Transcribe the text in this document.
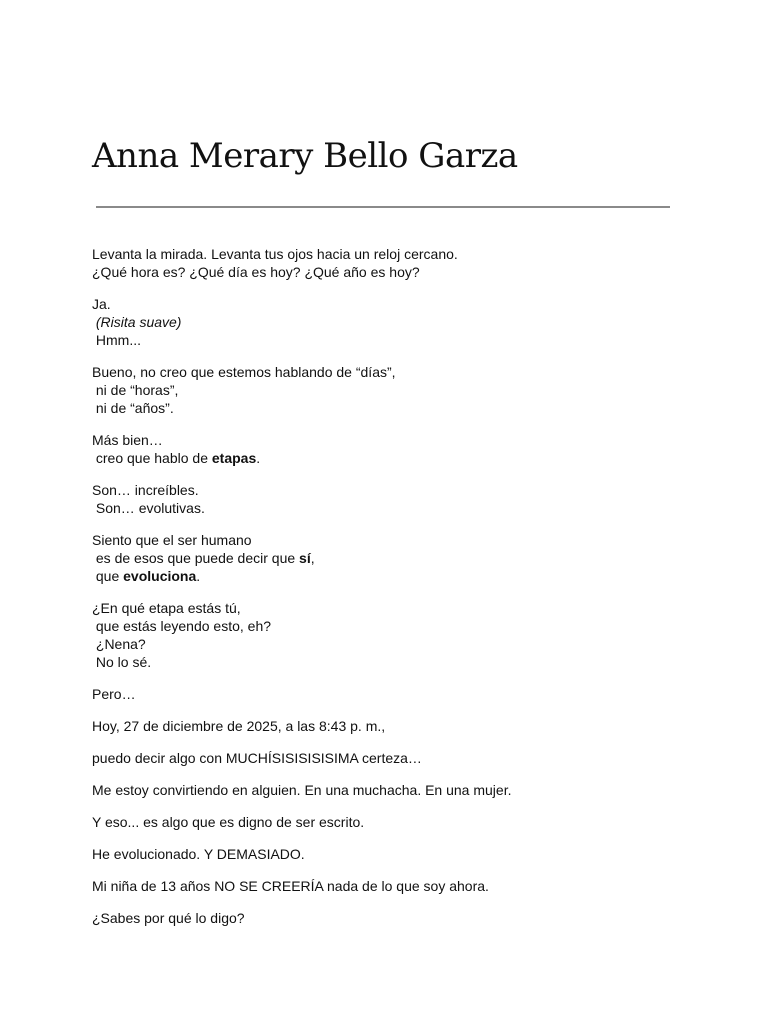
Anna Merary Bello Garza

Levanta la mirada. Levanta tus ojos hacia un reloj cercano.
¿Qué hora es? ¿Qué día es hoy? ¿Qué año es hoy?

Ja.
(Risita suave)
Hmm...

Bueno, no creo que estemos hablando de “días”,
ni de “horas”,
ni de “años”.

Más bien…
creo que hablo de etapas.

Son… increíbles.
Son… evolutivas.

Siento que el ser humano
es de esos que puede decir que sí,
que evoluciona.

¿En qué etapa estás tú,
que estás leyendo esto, eh?
¿Nena?
No lo sé.

Pero…

Hoy, 27 de diciembre de 2025, a las 8:43 p. m.,

puedo decir algo con MUCHÍSISISISISIMA certeza…

Me estoy convirtiendo en alguien. En una muchacha. En una mujer.

Y eso... es algo que es digno de ser escrito.

He evolucionado. Y DEMASIADO.

Mi niña de 13 años NO SE CREERÍA nada de lo que soy ahora.

¿Sabes por qué lo digo?
